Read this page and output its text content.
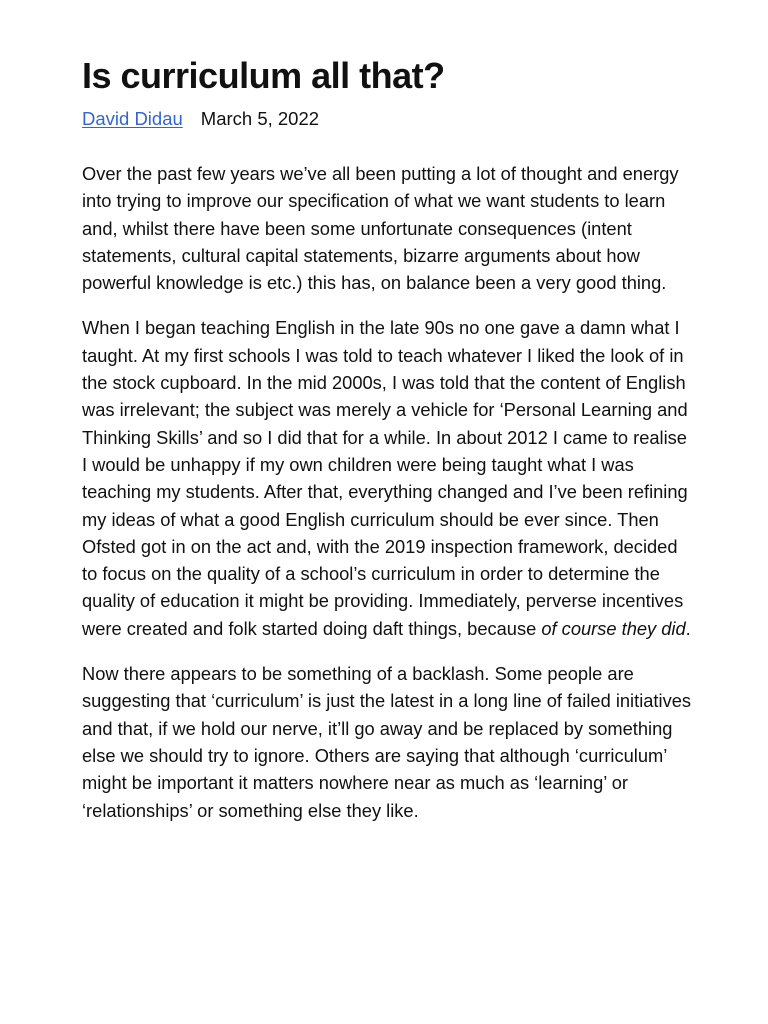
Is curriculum all that?
David Didau March 5, 2022

Over the past few years we’ve all been putting a lot of thought and energy into trying to improve our specification of what we want students to learn and, whilst there have been some unfortunate consequences (intent statements, cultural capital statements, bizarre arguments about how powerful knowledge is etc.) this has, on balance been a very good thing.

When I began teaching English in the late 90s no one gave a damn what I taught. At my first schools I was told to teach whatever I liked the look of in the stock cupboard. In the mid 2000s, I was told that the content of English was irrelevant; the subject was merely a vehicle for ‘Personal Learning and Thinking Skills’ and so I did that for a while. In about 2012 I came to realise I would be unhappy if my own children were being taught what I was teaching my students. After that, everything changed and I’ve been refining my ideas of what a good English curriculum should be ever since. Then Ofsted got in on the act and, with the 2019 inspection framework, decided to focus on the quality of a school’s curriculum in order to determine the quality of education it might be providing. Immediately, perverse incentives were created and folk started doing daft things, because of course they did.

Now there appears to be something of a backlash. Some people are suggesting that ‘curriculum’ is just the latest in a long line of failed initiatives and that, if we hold our nerve, it’ll go away and be replaced by something else we should try to ignore. Others are saying that although ‘curriculum’ might be important it matters nowhere near as much as ‘learning’ or ‘relationships’ or something else they like.
